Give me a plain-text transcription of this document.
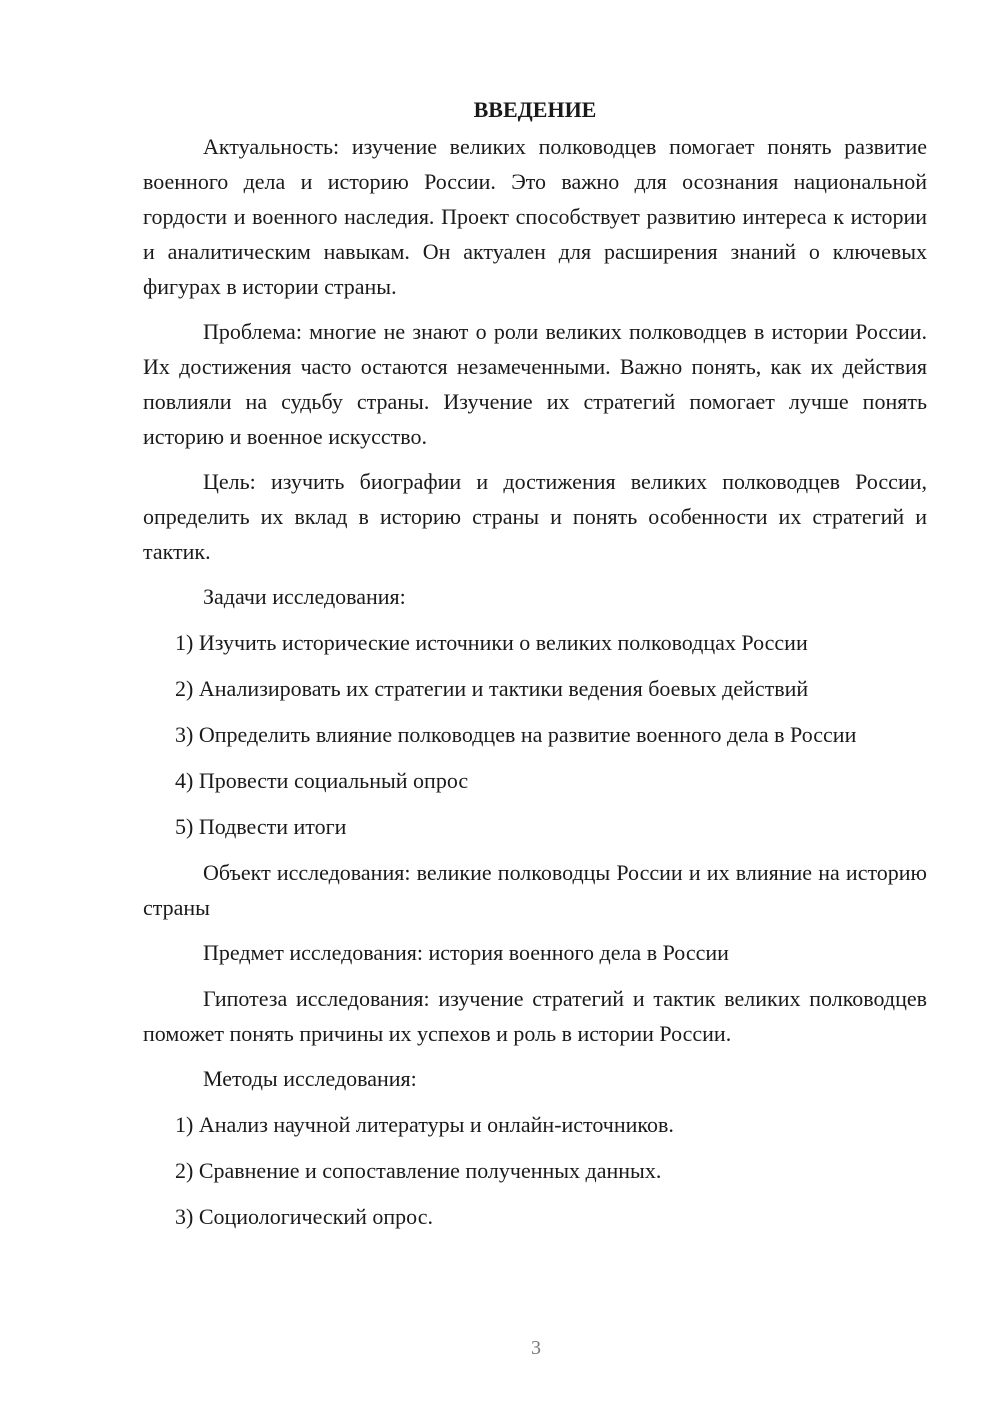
ВВЕДЕНИЕ

Актуальность: изучение великих полководцев помогает понять развитие военного дела и историю России. Это важно для осознания национальной гордости и военного наследия. Проект способствует развитию интереса к истории и аналитическим навыкам. Он актуален для расширения знаний о ключевых фигурах в истории страны.

Проблема: многие не знают о роли великих полководцев в истории России. Их достижения часто остаются незамеченными. Важно понять, как их действия повлияли на судьбу страны. Изучение их стратегий помогает лучше понять историю и военное искусство.

Цель: изучить биографии и достижения великих полководцев России, определить их вклад в историю страны и понять особенности их стратегий и тактик.

Задачи исследования:

1) Изучить исторические источники о великих полководцах России
2) Анализировать их стратегии и тактики ведения боевых действий
3) Определить влияние полководцев на развитие военного дела в России
4) Провести социальный опрос
5) Подвести итоги

Объект исследования: великие полководцы России и их влияние на историю страны

Предмет исследования: история военного дела в России

Гипотеза исследования: изучение стратегий и тактик великих полководцев поможет понять причины их успехов и роль в истории России.

Методы исследования:

1) Анализ научной литературы и онлайн-источников.
2) Сравнение и сопоставление полученных данных.
3) Социологический опрос.
3
